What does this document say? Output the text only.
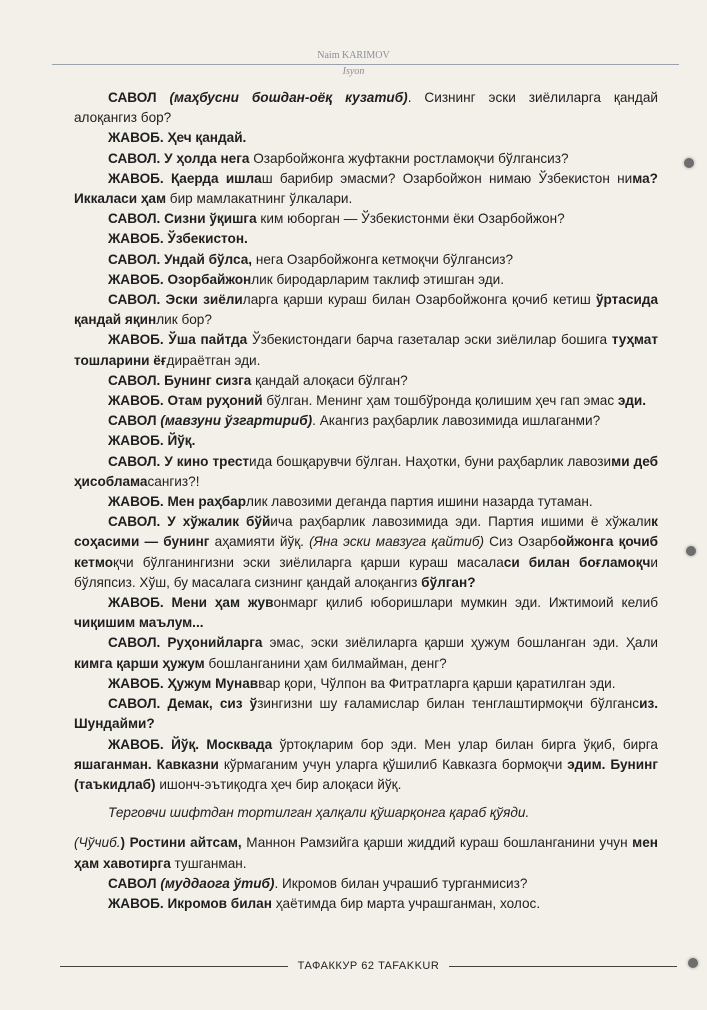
Naim KARIMOV
Isyon

САВОЛ (маҳбусни бошдан-оёқ кузатиб). Сизнинг эски зиёлиларга қандай алоқангиз бор?

ЖАВОБ. Ҳеч қандай.

САВОЛ. У ҳолда нега Озарбойжонга жуфтакни ростламоқчи бўлгансиз?

ЖАВОБ. Қаерда ишлаш барибир эмасми? Озарбойжон нимаю Ўзбекистон нима? Иккаласи ҳам бир мамлакатнинг ўлкалари.

САВОЛ. Сизни ўқишга ким юборган — Ўзбекистонми ёки Озарбойжон?

ЖАВОБ. Ўзбекистон.

САВОЛ. Ундай бўлса, нега Озарбойжонга кетмоқчи бўлгансиз?

ЖАВОБ. Озорбайжонлик биродарларим таклиф этишган эди.

САВОЛ. Эски зиёлиларга қарши кураш билан Озарбойжонга қочиб кетиш ўртасида қандай яқинлик бор?

ЖАВОБ. Ўша пайтда Ўзбекистондаги барча газеталар эски зиёлилар бошига туҳмат тошларини ёғдираётган эди.

САВОЛ. Бунинг сизга қандай алоқаси бўлган?

ЖАВОБ. Отам руҳоний бўлган. Менинг ҳам тошбўронда қолишим ҳеч гап эмас эди.

САВОЛ (мавзуни ўзгартириб). Акангиз раҳбарлик лавозимида ишлаганми?

ЖАВОБ. Йўқ.

САВОЛ. У кино трестида бошқарувчи бўлган. Наҳотки, буни раҳбарлик лавозими деб ҳисобламасангиз?!

ЖАВОБ. Мен раҳбарлик лавозими деганда партия ишини назарда тутаман.

САВОЛ. У хўжалик бўйича раҳбарлик лавозимида эди. Партия ишими ё хўжалик соҳасими — бунинг аҳамияти йўқ. (Яна эски мавзуга қайтиб) Сиз Озарбойжонга қочиб кетмоқчи бўлганингизни эски зиёлиларга қарши кураш масаласи билан боғламоқчи бўляпсиз. Хўш, бу масалага сизнинг қандай алоқангиз бўлган?

ЖАВОБ. Мени ҳам жувонмарг қилиб юборишлари мумкин эди. Ижтимоий келиб чиқишим маълум...

САВОЛ. Руҳонийларга эмас, эски зиёлиларга қарши ҳужум бошланган эди. Ҳали кимга қарши ҳужум бошланганини ҳам билмайман, денг?

ЖАВОБ. Ҳужум Мунаввар қори, Чўлпон ва Фитратларга қарши қаратилган эди.

САВОЛ. Демак, сиз ўзингизни шу ғаламислар билан тенглаштирмоқчи бўлгансиз. Шундайми?

ЖАВОБ. Йўқ. Москвада ўртоқларим бор эди. Мен улар билан бирга ўқиб, бирга яшаганман. Кавказни кўрмаганим учун уларга қўшилиб Кавказга бормоқчи эдим. Бунинг (таъкидлаб) ишонч-эътиқодга ҳеч бир алоқаси йўқ.

Терговчи шифтдан тортилган ҳалқали қўшарқонга қараб қўяди.

(Чўчиб.) Ростини айтсам, Маннон Рамзийга қарши жиддий кураш бошланганини учун мен ҳам хавотирга тушганман.

САВОЛ (муддаога ўтиб). Икромов билан учрашиб турганмисиз?

ЖАВОБ. Икромов билан ҳаётимда бир марта учрашганман, холос.

ТАФАККУР 62 TAFAKKUR
